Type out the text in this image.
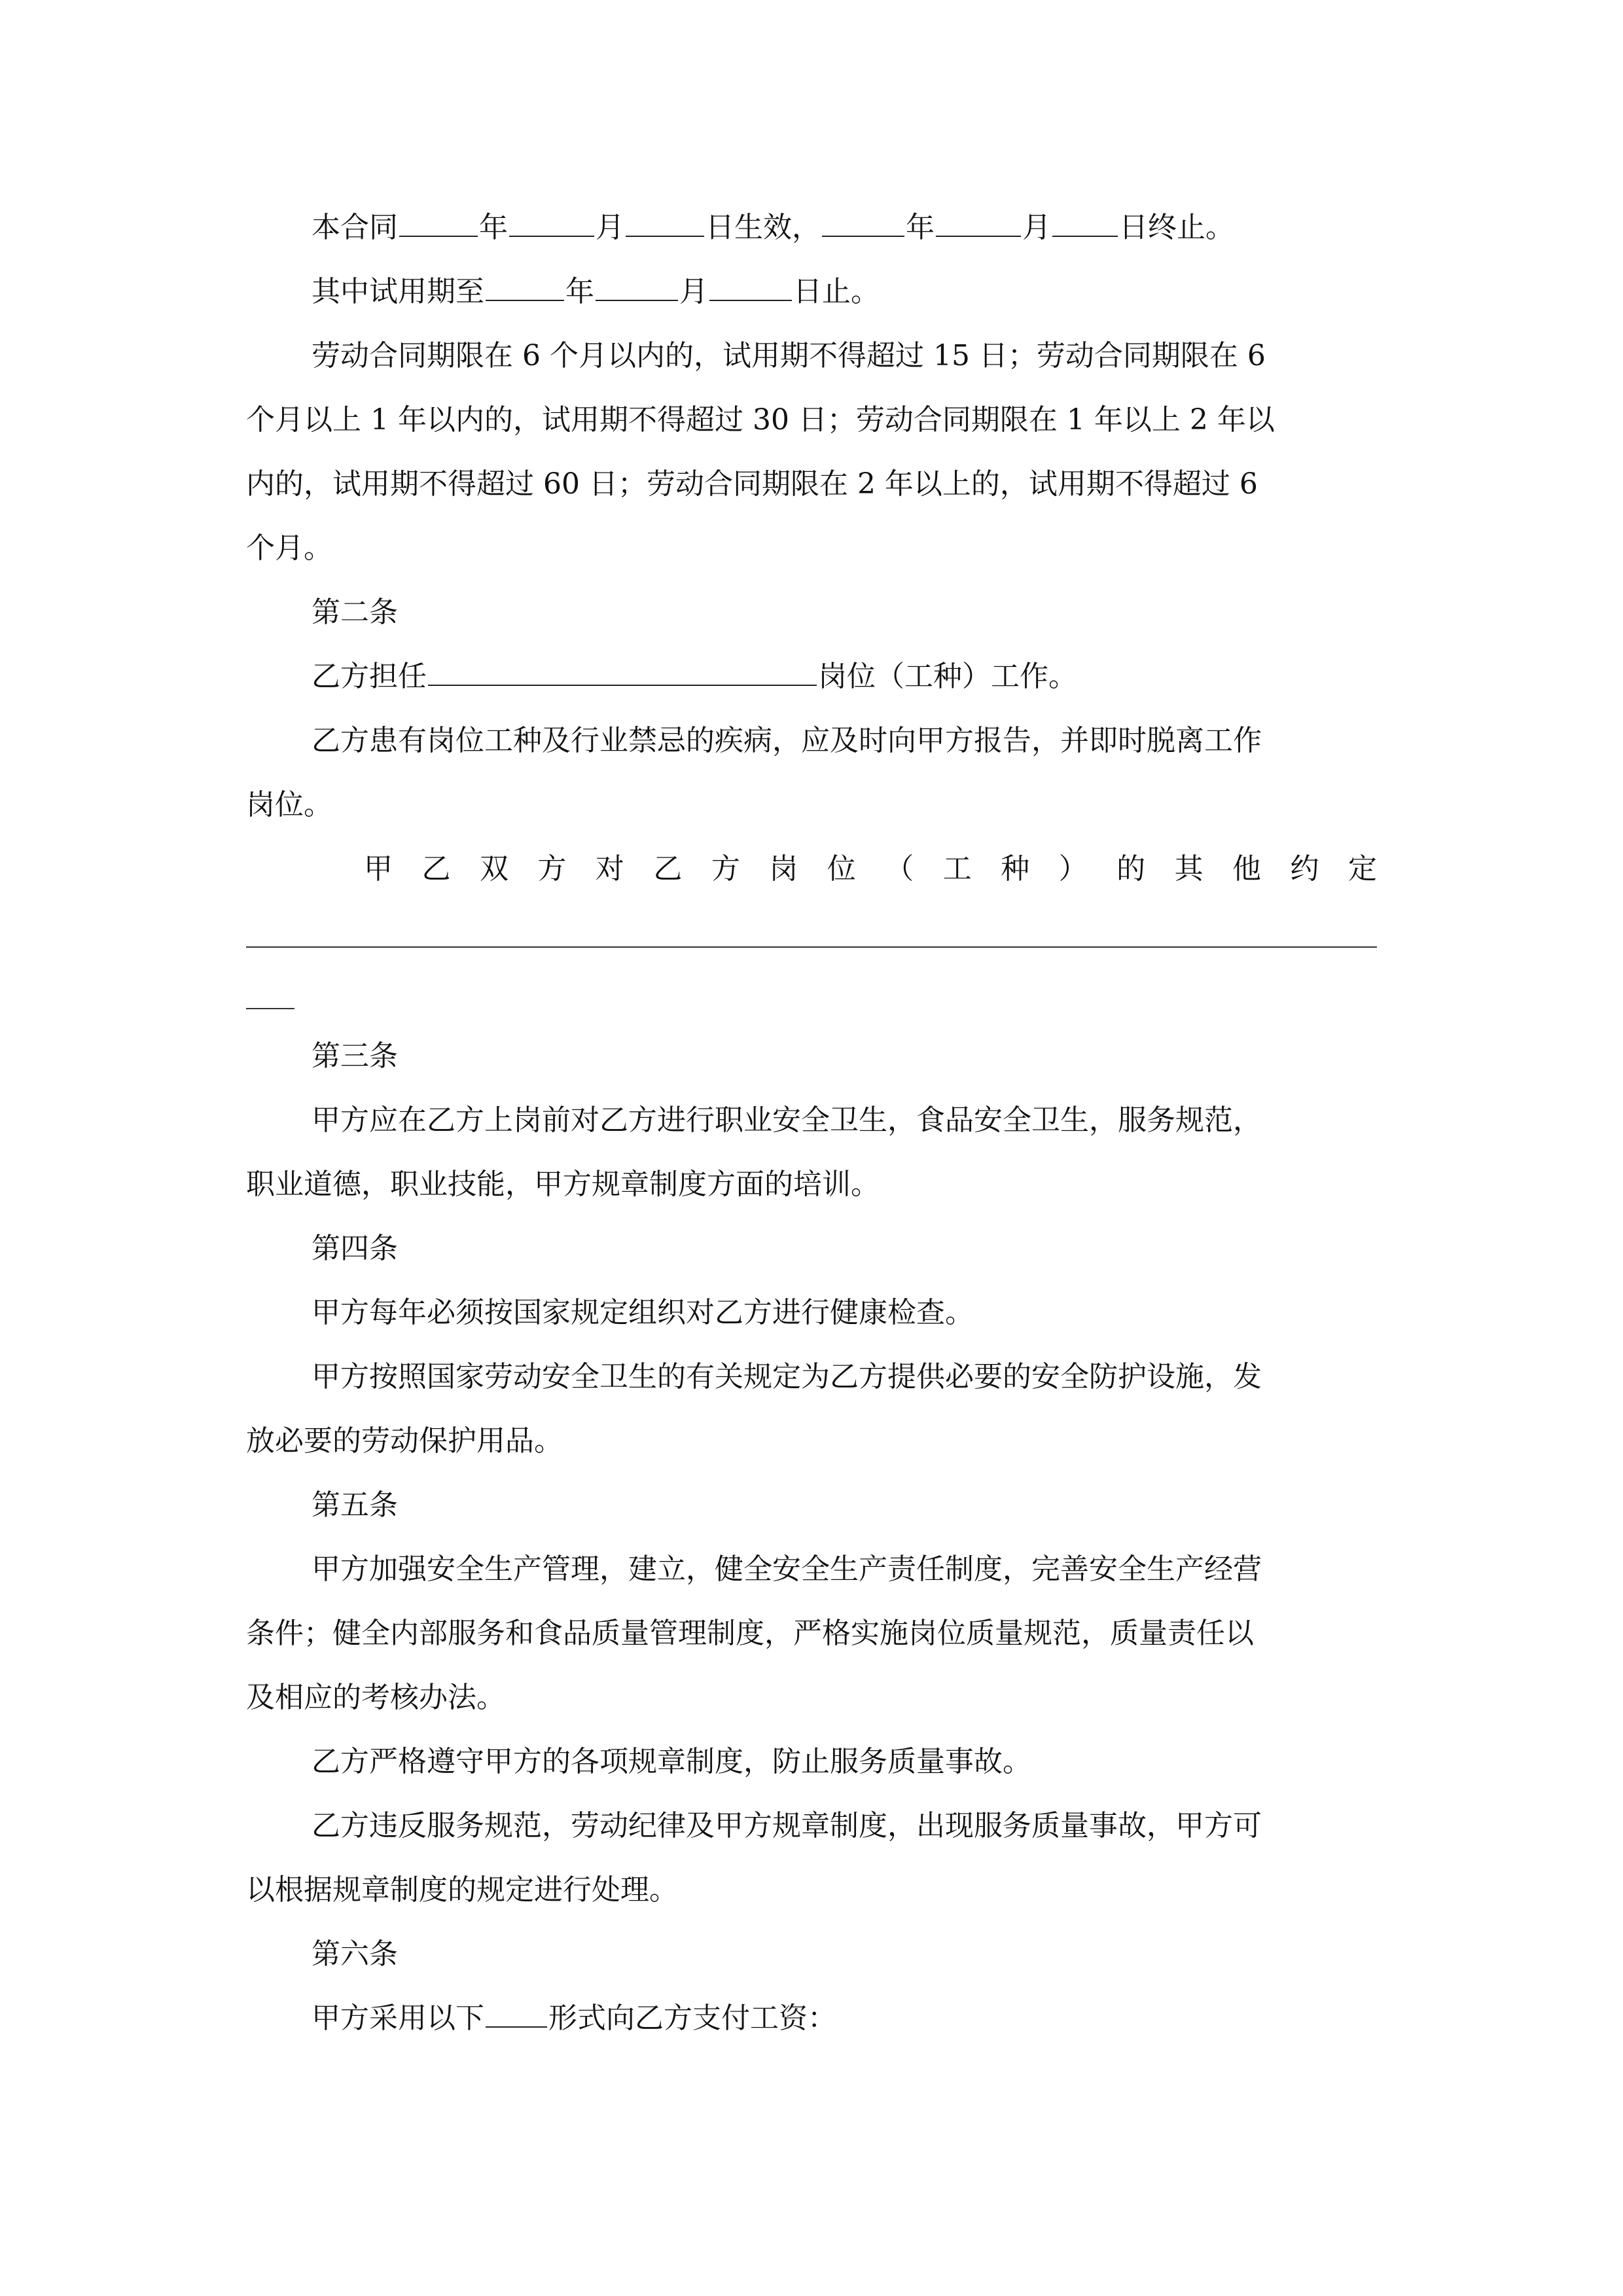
本合同	年	月	日生效，	年	月 日终止。
其中试用期至	年	月	日止。
劳动合同期限在 6 个月以内的，试用期不得超过 15 日；劳动合同期限在 6
个月以上 1 年以内的，试用期不得超过 30 日；劳动合同期限在 1 年以上 2 年以
内的，试用期不得超过 60 日；劳动合同期限在 2 年以上的，试用期不得超过 6
个月。
第二条
乙方担任	岗位（工种）工作。
乙方患有岗位工种及行业禁忌的疾病，应及时向甲方报告，并即时脱离工作
岗位。
甲 乙 双 方 对 乙 方 岗 位 （ 工 种 ） 的 其 他 约 定
第三条
甲方应在乙方上岗前对乙方进行职业安全卫生，食品安全卫生，服务规范，
职业道德，职业技能，甲方规章制度方面的培训。
第四条
甲方每年必须按国家规定组织对乙方进行健康检查。
甲方按照国家劳动安全卫生的有关规定为乙方提供必要的安全防护设施，发
放必要的劳动保护用品。
第五条
甲方加强安全生产管理，建立，健全安全生产责任制度，完善安全生产经营
条件；健全内部服务和食品质量管理制度，严格实施岗位质量规范，质量责任以
及相应的考核办法。
乙方严格遵守甲方的各项规章制度，防止服务质量事故。
乙方违反服务规范，劳动纪律及甲方规章制度，出现服务质量事故，甲方可
以根据规章制度的规定进行处理。
第六条
甲方采用以下 形式向乙方支付工资：
